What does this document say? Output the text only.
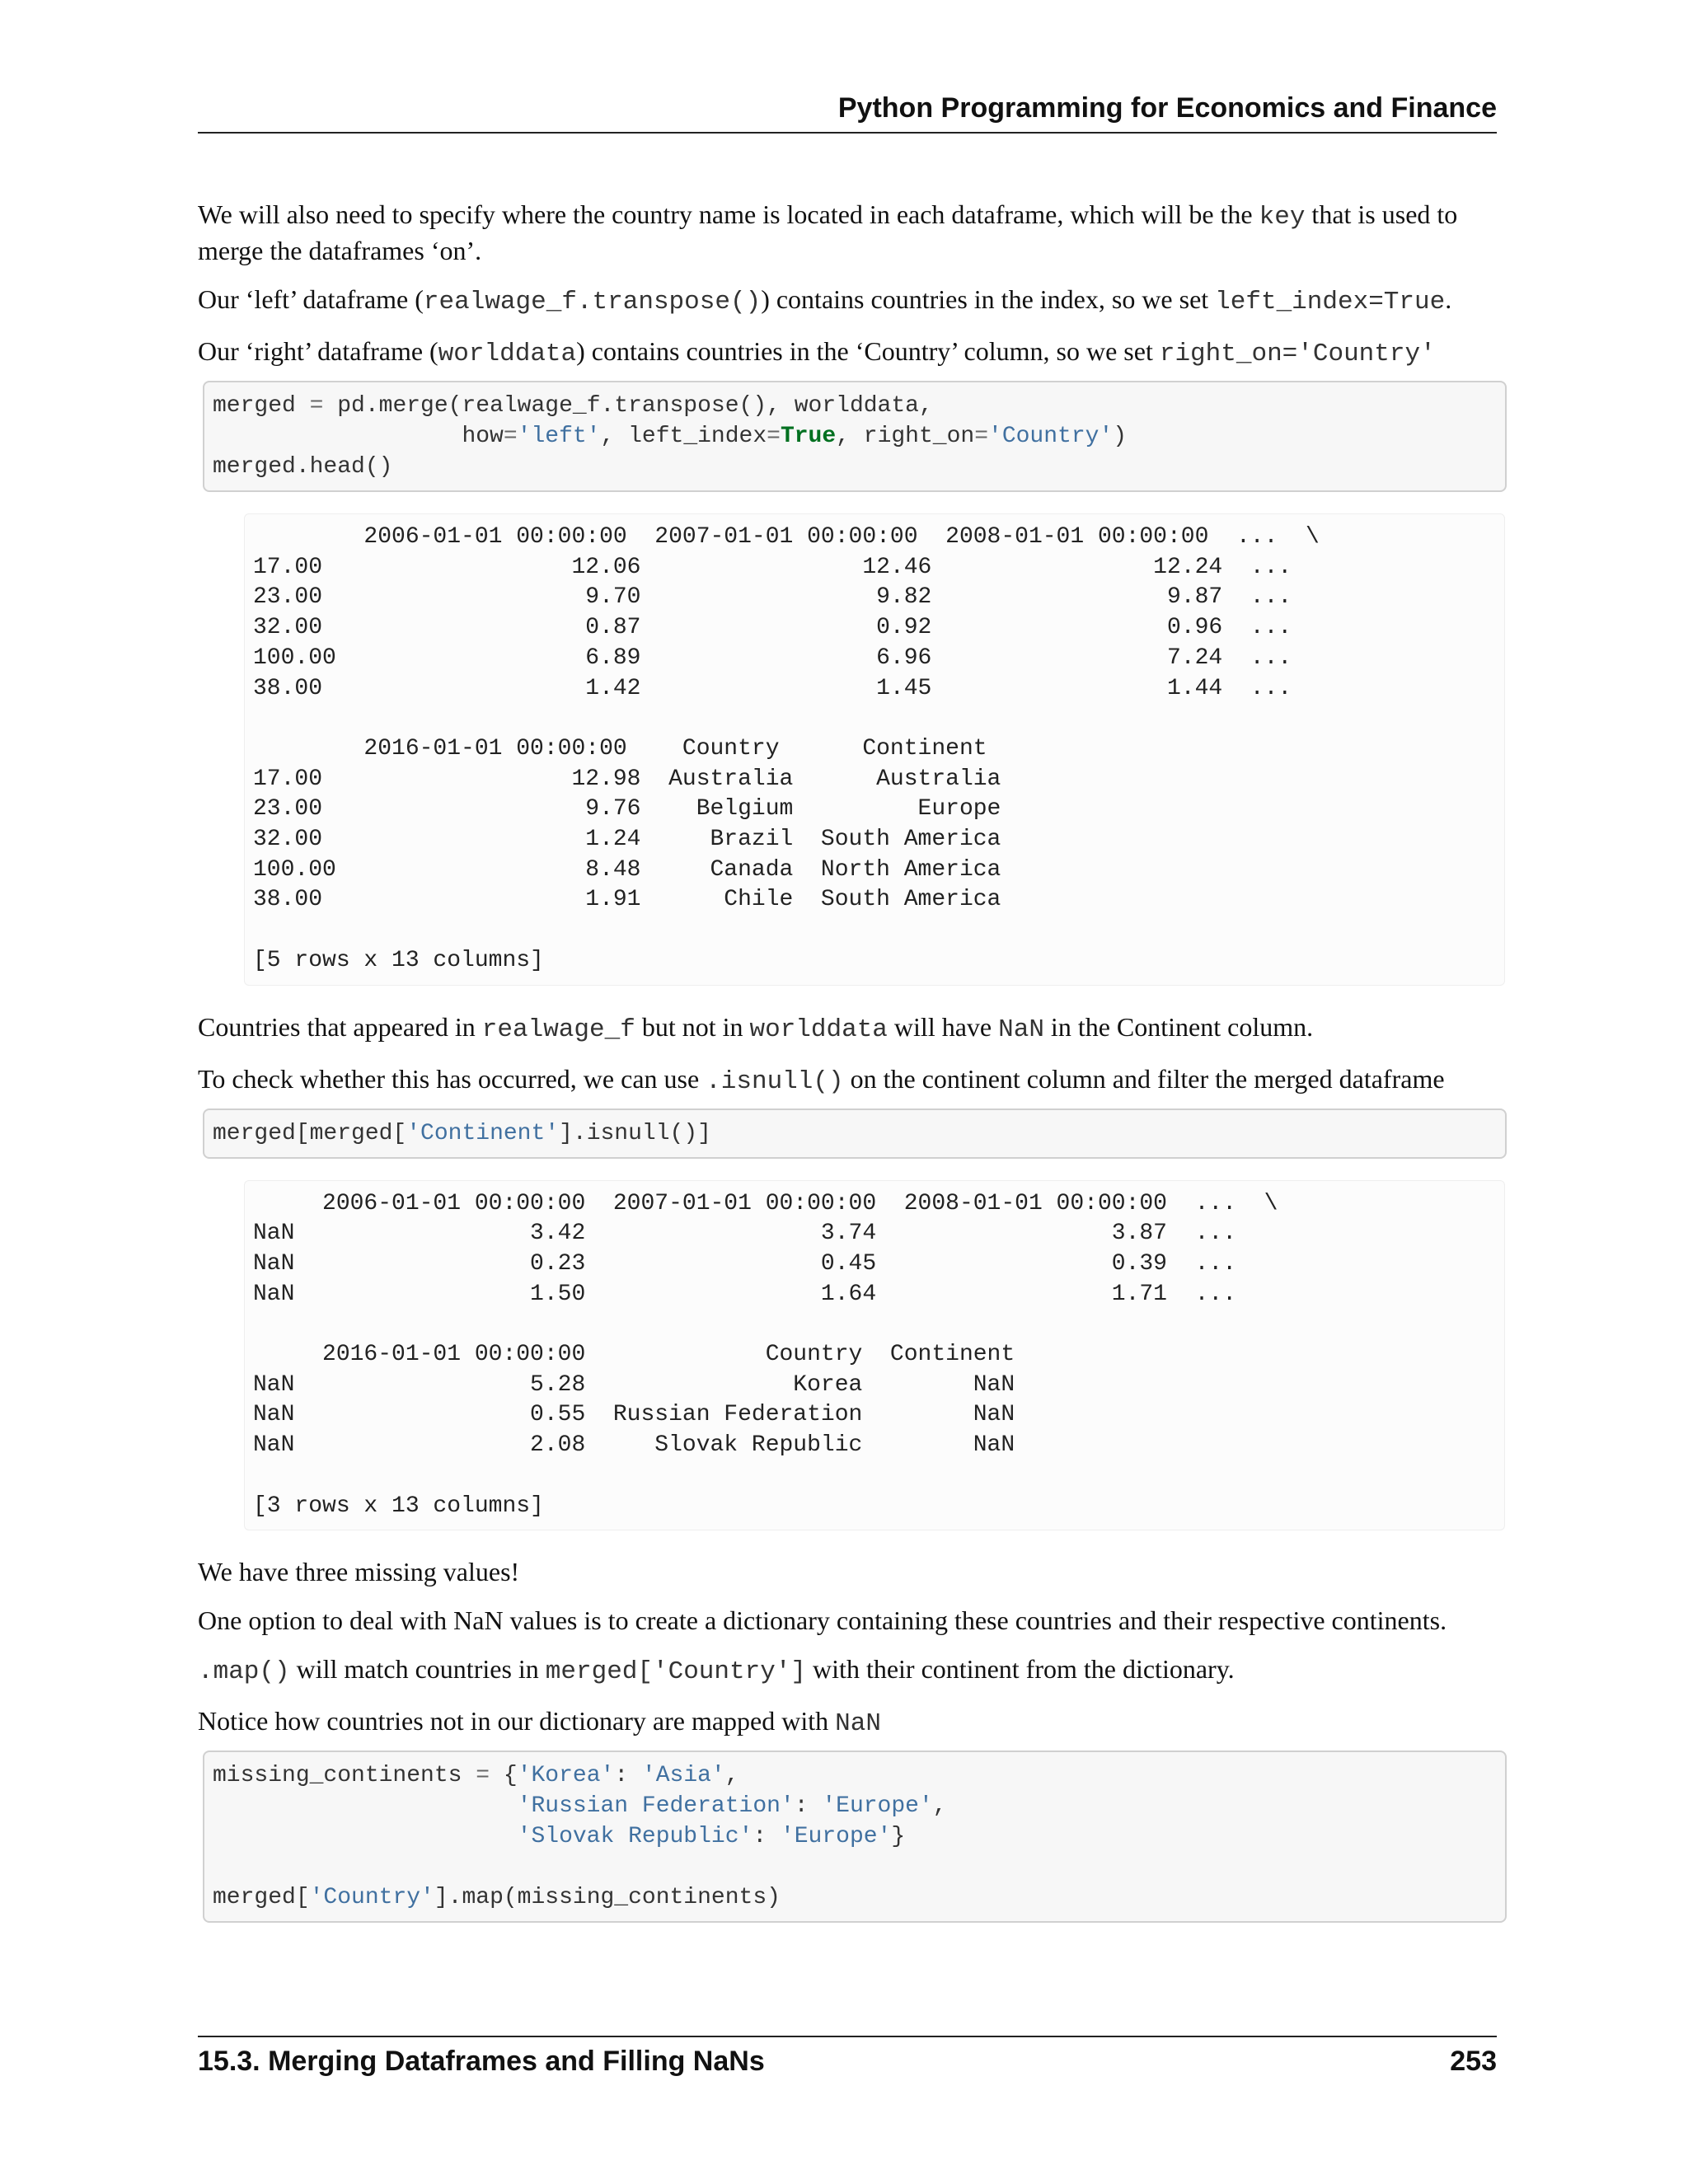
Python Programming for Economics and Finance

We will also need to specify where the country name is located in each dataframe, which will be the key that is used to merge the dataframes ‘on’.

Our ‘left’ dataframe (realwage_f.transpose()) contains countries in the index, so we set left_index=True.

Our ‘right’ dataframe (worlddata) contains countries in the ‘Country’ column, so we set right_on='Country'

merged = pd.merge(realwage_f.transpose(), worlddata,
how='left', left_index=True, right_on='Country')
merged.head()
2006-01-01 00:00:00  2007-01-01 00:00:00  2008-01-01 00:00:00  ...  \
17.00                  12.06                12.46                12.24  ...
23.00                   9.70                 9.82                 9.87  ...
32.00                   0.87                 0.92                 0.96  ...
100.00                  6.89                 6.96                 7.24  ...
38.00                   1.42                 1.45                 1.44  ...

2016-01-01 00:00:00    Country      Continent
17.00                  12.98  Australia      Australia
23.00                   9.76    Belgium         Europe
32.00                   1.24     Brazil  South America
100.00                  8.48     Canada  North America
38.00                   1.91      Chile  South America

[5 rows x 13 columns]

Countries that appeared in realwage_f but not in worlddata will have NaN in the Continent column.

To check whether this has occurred, we can use .isnull() on the continent column and filter the merged dataframe

merged[merged['Continent'].isnull()]
2006-01-01 00:00:00  2007-01-01 00:00:00  2008-01-01 00:00:00  ...  \
NaN                 3.42                 3.74                 3.87  ...
NaN                 0.23                 0.45                 0.39  ...
NaN                 1.50                 1.64                 1.71  ...

2016-01-01 00:00:00             Country  Continent
NaN                 5.28               Korea        NaN
NaN                 0.55  Russian Federation        NaN
NaN                 2.08     Slovak Republic        NaN

[3 rows x 13 columns]

We have three missing values!

One option to deal with NaN values is to create a dictionary containing these countries and their respective continents.

.map() will match countries in merged['Country'] with their continent from the dictionary.

Notice how countries not in our dictionary are mapped with NaN

missing_continents = {'Korea': 'Asia',
'Russian Federation': 'Europe',
'Slovak Republic': 'Europe'}

merged['Country'].map(missing_continents)
15.3. Merging Dataframes and Filling NaNs	253
